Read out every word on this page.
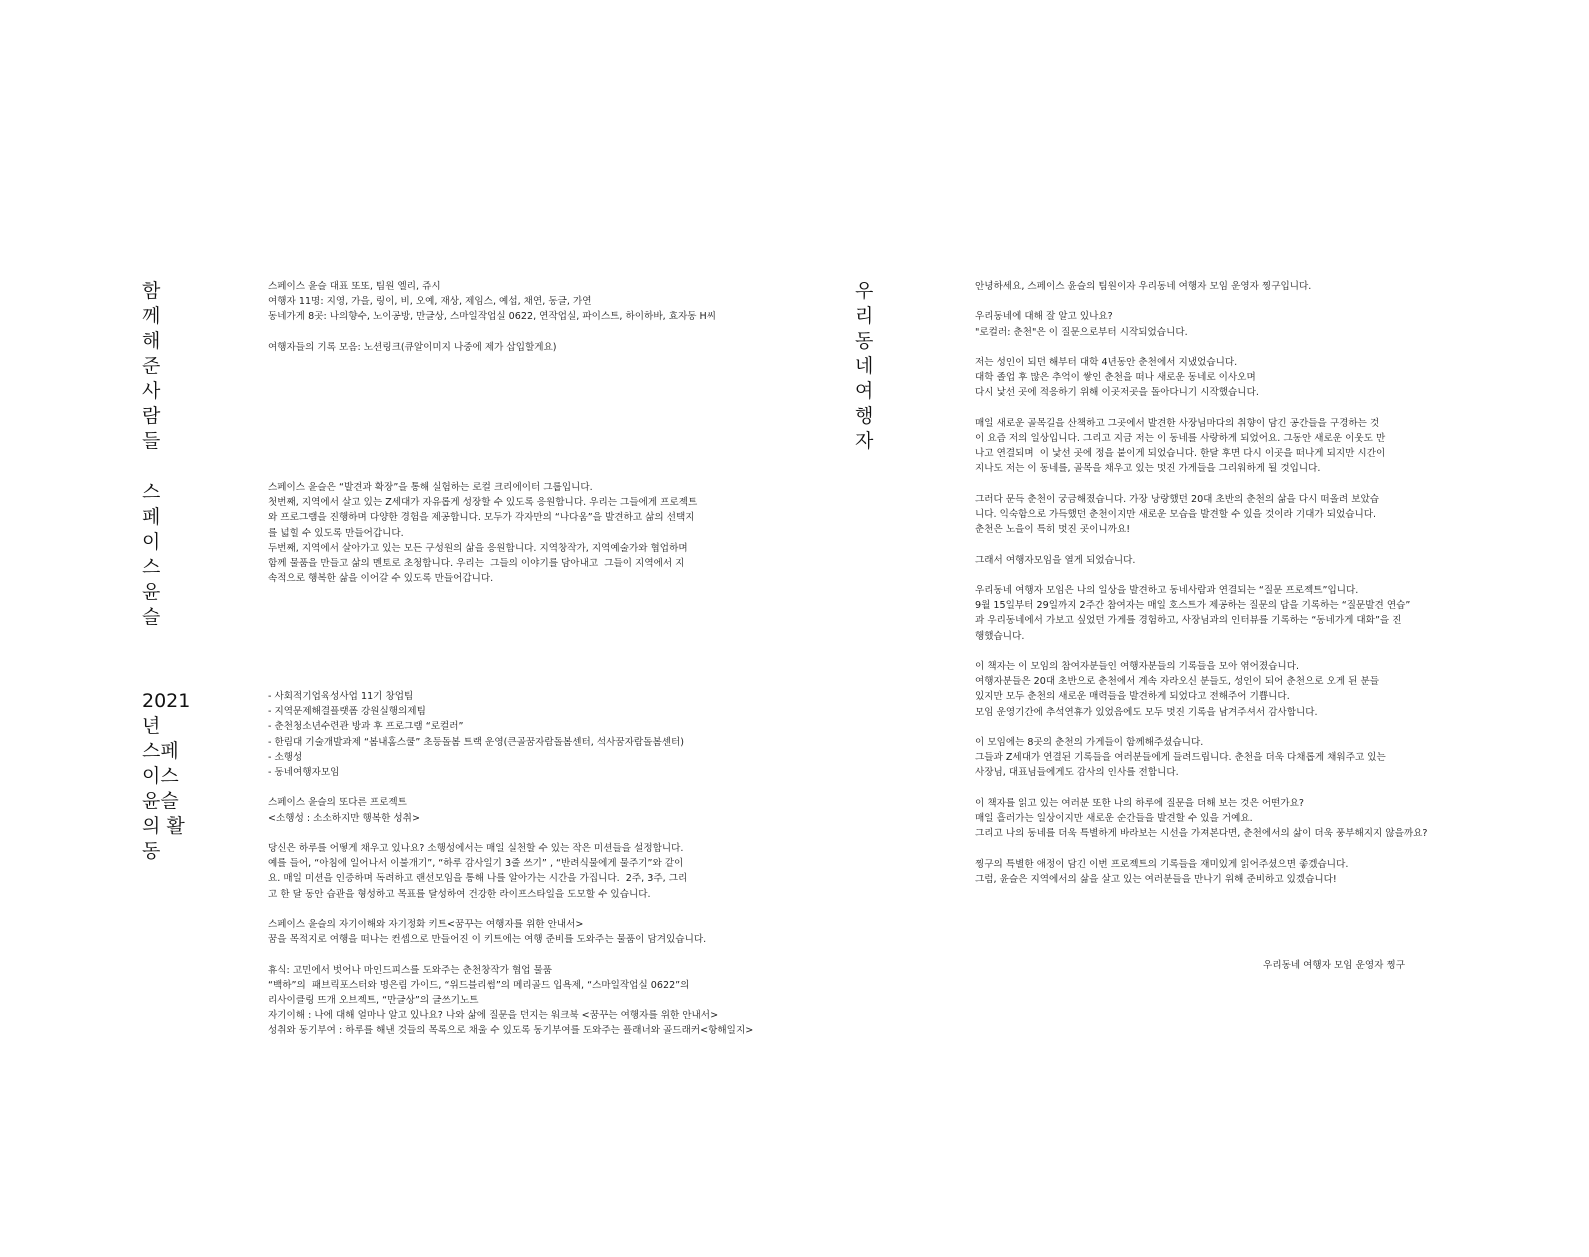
함께해준
사람들
스페이스 윤슬 대표 또또, 팀원 엘리, 쥬시
여행자 11명: 지영, 가을, 링이, 비, 오예, 재상, 제임스, 예섭, 채연, 동글, 가연
동네가게 8곳: 나의향수, 노이공방, 만글상, 스마일작업실 0622, 연작업실, 파이스트, 하이하바, 효자동 H씨
여행자들의 기록 모음: 노션링크(큐알이미지 나중에 제가 삽입할게요)
스페이스
윤슬
스페이스 윤슬은 “발견과 확장”을 통해 실험하는 로컬 크리에이터 그룹입니다.
첫번째, 지역에서 살고 있는 Z세대가 자유롭게 성장할 수 있도록 응원합니다. 우리는 그들에게 프로젝트
와 프로그램을 진행하며 다양한 경험을 제공합니다. 모두가 각자만의 “나다움”을 발견하고 삶의 선택지
를 넓힐 수 있도록 만들어갑니다.
두번째, 지역에서 살아가고 있는 모든 구성원의 삶을 응원합니다. 지역창작가, 지역예술가와 협업하며
함께 물품을 만들고 삶의 멘토로 초청합니다. 우리는  그들의 이야기를 담아내고  그들이 지역에서 지
속적으로 행복한 삶을 이어갈 수 있도록 만들어갑니다.
2021년
스페이스
윤슬의 활동
- 사회적기업육성사업 11기 창업팀
- 지역문제해결플랫폼 강원실행의제팀
- 춘천청소년수련관 방과 후 프로그램 “로컬러”
- 한림대 기술개발과제 “봄내홈스쿨” 초등돌봄 트랙 운영(큰골꿈자람돌봄센터, 석사꿈자람돌봄센터)
- 소행성
- 동네여행자모임
스페이스 윤슬의 또다른 프로젝트
<소행성 : 소소하지만 행복한 성취>
당신은 하루를 어떻게 채우고 있나요? 소행성에서는 매일 실천할 수 있는 작은 미션들을 설정합니다.
예를 들어, “아침에 일어나서 이불개기”, “하루 감사일기 3줄 쓰기” , “반려식물에게 물주기”와 같이
요. 매일 미션을 인증하며 독려하고 랜선모임을 통해 나를 알아가는 시간을 가집니다.  2주, 3주, 그리
고 한 달 동안 습관을 형성하고 목표를 달성하여 건강한 라이프스타일을 도모할 수 있습니다.
스페이스 윤슬의 자기이해와 자기정화 키트<꿈꾸는 여행자를 위한 안내서>
꿈을 목적지로 여행을 떠나는 컨셉으로 만들어진 이 키트에는 여행 준비를 도와주는 물품이 담겨있습니다.
휴식: 고민에서 벗어나 마인드피스를 도와주는 춘천창작가 협업 물품
“백하”의  패브릭포스터와 명은림 가이드, “위드블리썸”의 메리골드 입욕제, “스마일작업실 0622”의
리사이클링 뜨개 오브젝트, “만글상”의 글쓰기노트
자기이해 : 나에 대해 얼마나 알고 있나요? 나와 삶에 질문을 던지는 워크북 <꿈꾸는 여행자를 위한 안내서>
성취와 동기부여 : 하루를 해낸 것들의 목록으로 채울 수 있도록 동기부여를 도와주는 플래너와 골드래커<항해일지>
우리동네
여행자
안녕하세요, 스페이스 윤슬의 팀원이자 우리동네 여행자 모임 운영자 찡구입니다.
우리동네에 대해 잘 알고 있나요?
"로컬러: 춘천"은 이 질문으로부터 시작되었습니다.
저는 성인이 되던 해부터 대학 4년동안 춘천에서 지냈었습니다.
대학 졸업 후 많은 추억이 쌓인 춘천을 떠나 새로운 동네로 이사오며
다시 낯선 곳에 적응하기 위해 이곳저곳을 돌아다니기 시작했습니다.
매일 새로운 골목길을 산책하고 그곳에서 발견한 사장님마다의 취향이 담긴 공간들을 구경하는 것
이 요즘 저의 일상입니다. 그리고 지금 저는 이 동네를 사랑하게 되었어요. 그동안 새로운 이웃도 만
나고 연결되며  이 낯선 곳에 정을 붙이게 되었습니다. 한달 후면 다시 이곳을 떠나게 되지만 시간이
지나도 저는 이 동네를, 골목을 채우고 있는 멋진 가게들을 그리워하게 될 것입니다.
그러다 문득 춘천이 궁금해졌습니다. 가장 낭랑했던 20대 초반의 춘천의 삶을 다시 떠올려 보았습
니다. 익숙함으로 가득했던 춘천이지만 새로운 모습을 발견할 수 있을 것이라 기대가 되었습니다.
춘천은 노을이 특히 멋진 곳이니까요!
그래서 여행자모임을 열게 되었습니다.
우리동네 여행자 모임은 나의 일상을 발견하고 동네사람과 연결되는 “질문 프로젝트”입니다.
9월 15일부터 29일까지 2주간 참여자는 매일 호스트가 제공하는 질문의 답을 기록하는 “질문발견 연습”
과 우리동네에서 가보고 싶었던 가게를 경험하고, 사장님과의 인터뷰를 기록하는 “동네가게 대화”을 진
행했습니다.
이 책자는 이 모임의 참여자분들인 여행자분들의 기록들을 모아 엮어졌습니다.
여행자분들은 20대 초반으로 춘천에서 계속 자라오신 분들도, 성인이 되어 춘천으로 오게 된 분들
있지만 모두 춘천의 새로운 매력들을 발견하게 되었다고 전해주어 기쁩니다.
모임 운영기간에 추석연휴가 있었음에도 모두 멋진 기록을 남겨주셔서 감사합니다.
이 모임에는 8곳의 춘천의 가게들이 함께해주셨습니다.
그들과 Z세대가 연결된 기록들을 여러분들에게 들려드립니다. 춘천을 더욱 다채롭게 채워주고 있는
사장님, 대표님들에게도 감사의 인사를 전합니다.
이 책자를 읽고 있는 여러분 또한 나의 하루에 질문을 더해 보는 것은 어떤가요?
매일 흘러가는 일상이지만 새로운 순간들을 발견할 수 있을 거예요.
그리고 나의 동네를 더욱 특별하게 바라보는 시선을 가져본다면, 춘천에서의 삶이 더욱 풍부해지지 않을까요?
찡구의 특별한 애정이 담긴 이번 프로젝트의 기록들을 재미있게 읽어주셨으면 좋겠습니다.
그럼, 윤슬은 지역에서의 삶을 살고 있는 여러분들을 만나기 위해 준비하고 있겠습니다!
우리동네 여행자 모임 운영자 찡구
